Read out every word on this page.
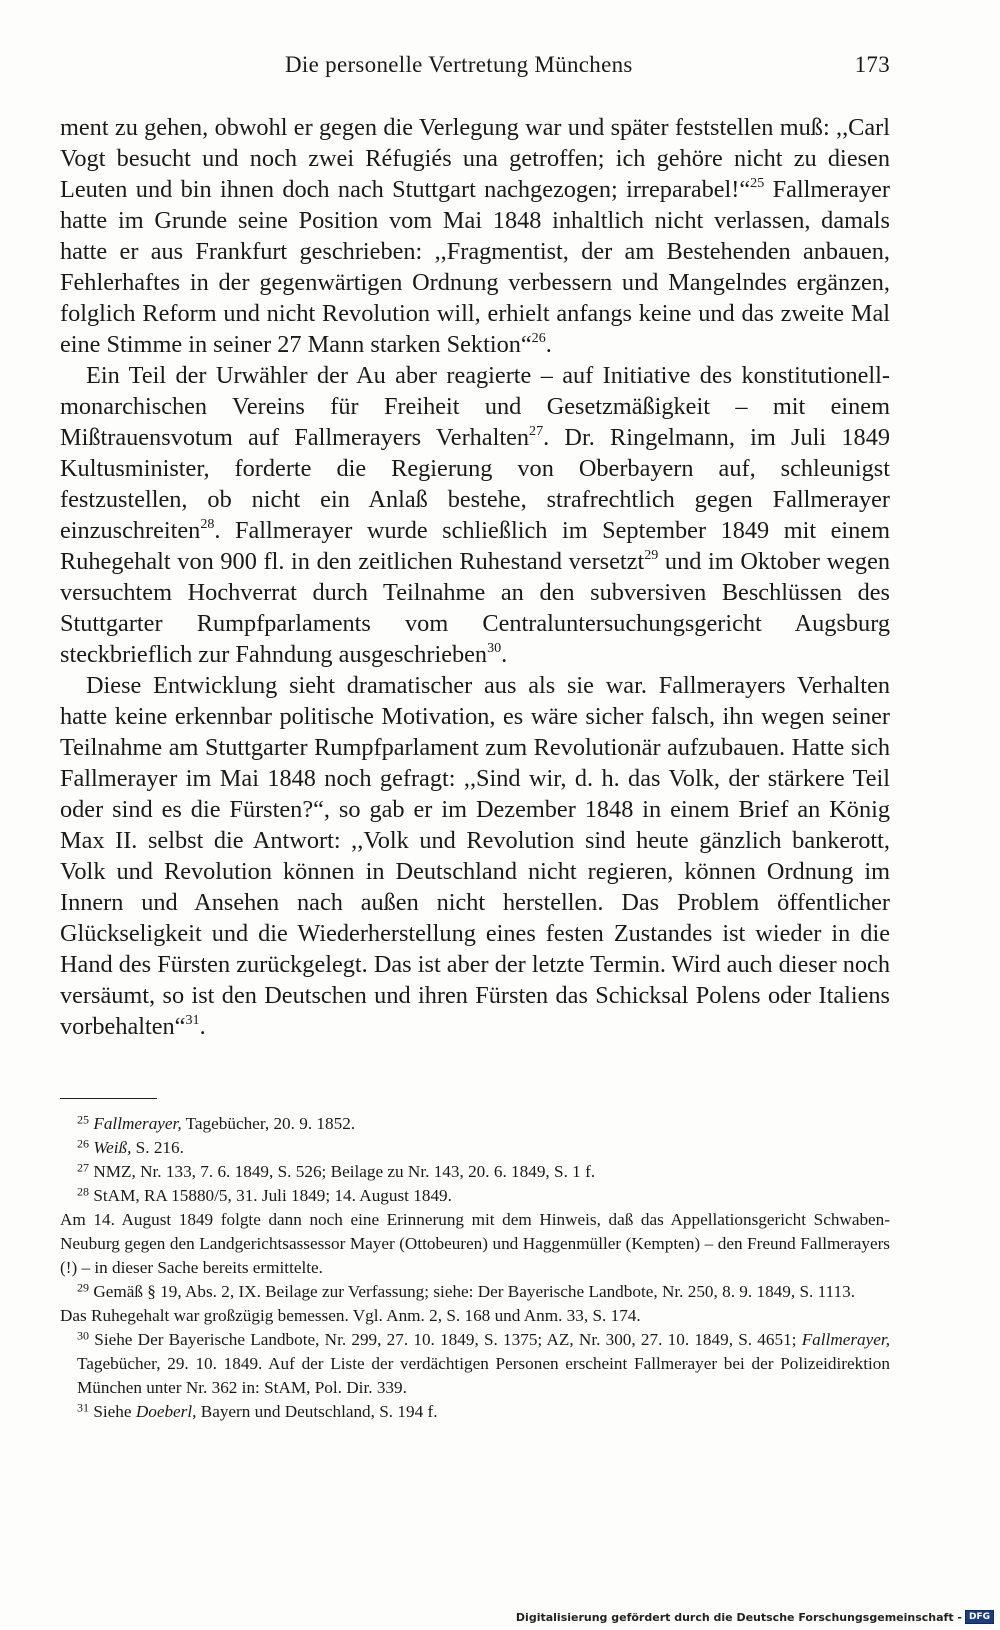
Die personelle Vertretung Münchens	173

ment zu gehen, obwohl er gegen die Verlegung war und später feststellen muß: ,,Carl Vogt besucht und noch zwei Réfugiés una getroffen; ich gehöre nicht zu diesen Leuten und bin ihnen doch nach Stuttgart nachgezogen; irreparabel!“$^{25}$ Fallmerayer hatte im Grunde seine Position vom Mai 1848 inhaltlich nicht verlassen, damals hatte er aus Frankfurt geschrieben: ,,Fragmentist, der am Bestehenden anbauen, Fehlerhaftes in der gegenwärtigen Ordnung verbessern und Mangelndes ergänzen, folglich Reform und nicht Revolution will, erhielt anfangs keine und das zweite Mal eine Stimme in seiner 27 Mann starken Sektion“$^{26}$.

Ein Teil der Urwähler der Au aber reagierte – auf Initiative des konstitutionell-monarchischen Vereins für Freiheit und Gesetzmäßigkeit – mit einem Mißtrauensvotum auf Fallmerayers Verhalten$^{27}$. Dr. Ringelmann, im Juli 1849 Kultusminister, forderte die Regierung von Oberbayern auf, schleunigst festzustellen, ob nicht ein Anlaß bestehe, strafrechtlich gegen Fallmerayer einzuschreiten$^{28}$. Fallmerayer wurde schließlich im September 1849 mit einem Ruhegehalt von 900 fl. in den zeitlichen Ruhestand versetzt$^{29}$ und im Oktober wegen versuchtem Hochverrat durch Teilnahme an den subversiven Beschlüssen des Stuttgarter Rumpfparlaments vom Centraluntersuchungsgericht Augsburg steckbrieflich zur Fahndung ausgeschrieben$^{30}$.

Diese Entwicklung sieht dramatischer aus als sie war. Fallmerayers Verhalten hatte keine erkennbar politische Motivation, es wäre sicher falsch, ihn wegen seiner Teilnahme am Stuttgarter Rumpfparlament zum Revolutionär aufzubauen. Hatte sich Fallmerayer im Mai 1848 noch gefragt: ,,Sind wir, d. h. das Volk, der stärkere Teil oder sind es die Fürsten?“, so gab er im Dezember 1848 in einem Brief an König Max II. selbst die Antwort: ,,Volk und Revolution sind heute gänzlich bankerott, Volk und Revolution können in Deutschland nicht regieren, können Ordnung im Innern und Ansehen nach außen nicht herstellen. Das Problem öffentlicher Glückseligkeit und die Wiederherstellung eines festen Zustandes ist wieder in die Hand des Fürsten zurückgelegt. Das ist aber der letzte Termin. Wird auch dieser noch versäumt, so ist den Deutschen und ihren Fürsten das Schicksal Polens oder Italiens vorbehalten“$^{31}$.

$^{25}$ Fallmerayer, Tagebücher, 20. 9. 1852.

$^{26}$ Weiß, S. 216.

$^{27}$ NMZ, Nr. 133, 7. 6. 1849, S. 526; Beilage zu Nr. 143, 20. 6. 1849, S. 1 f.

$^{28}$ StAM, RA 15880/5, 31. Juli 1849; 14. August 1849.

Am 14. August 1849 folgte dann noch eine Erinnerung mit dem Hinweis, daß das Appellationsgericht Schwaben-Neuburg gegen den Landgerichtsassessor Mayer (Ottobeuren) und Haggenmüller (Kempten) – den Freund Fallmerayers (!) – in dieser Sache bereits ermittelte.

$^{29}$ Gemäß § 19, Abs. 2, IX. Beilage zur Verfassung; siehe: Der Bayerische Landbote, Nr. 250, 8. 9. 1849, S. 1113.

Das Ruhegehalt war großzügig bemessen. Vgl. Anm. 2, S. 168 und Anm. 33, S. 174.

$^{30}$ Siehe Der Bayerische Landbote, Nr. 299, 27. 10. 1849, S. 1375; AZ, Nr. 300, 27. 10. 1849, S. 4651; Fallmerayer, Tagebücher, 29. 10. 1849. Auf der Liste der verdächtigen Personen erscheint Fallmerayer bei der Polizeidirektion München unter Nr. 362 in: StAM, Pol. Dir. 339.

$^{31}$ Siehe Doeberl, Bayern und Deutschland, S. 194 f.

Digitalisierung gefördert durch die Deutsche Forschungsgemeinschaft - DFG
